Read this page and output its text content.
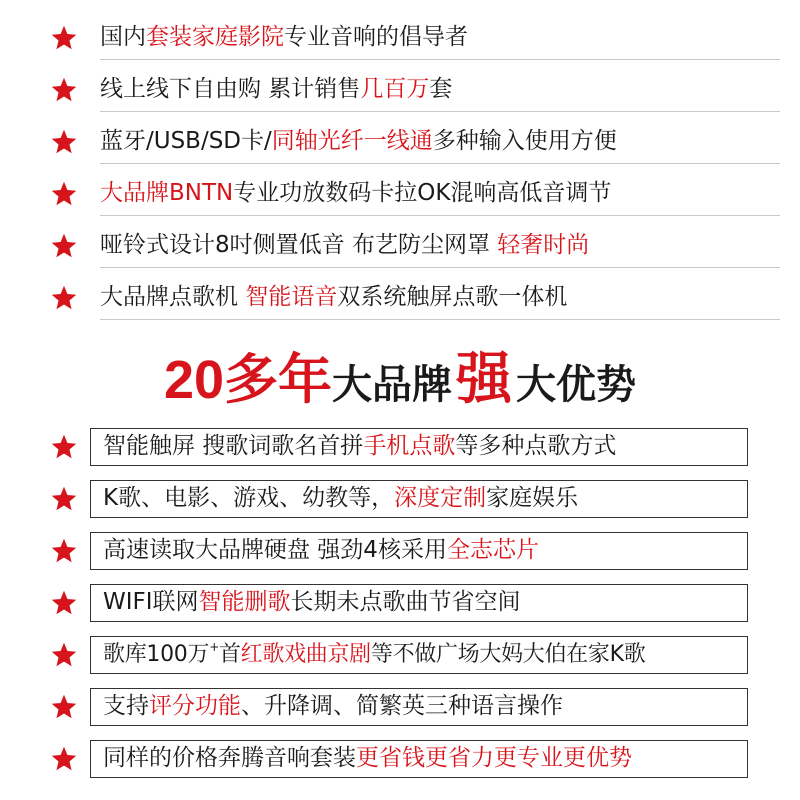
国内套装家庭影院专业音响的倡导者
线上线下自由购 累计销售几百万套
蓝牙/USB/SD卡/同轴光纤一线通多种输入使用方便
大品牌BNTN专业功放数码卡拉OK混响高低音调节
哑铃式设计8吋侧置低音 布艺防尘网罩 轻奢时尚
大品牌点歌机 智能语音双系统触屏点歌一体机
20多年大品牌强 大优势
智能触屏 搜歌词歌名首拼手机点歌等多种点歌方式
K歌、电影、游戏、幼教等，深度定制家庭娱乐
高速读取大品牌硬盘 强劲4核采用全志芯片
WIFI联网智能删歌长期未点歌曲节省空间
歌库100万+首红歌戏曲京剧等不做广场大妈大伯在家K歌
支持评分功能、升降调、简繁英三种语言操作
同样的价格奔腾音响套装更省钱更省力更专业更优势
